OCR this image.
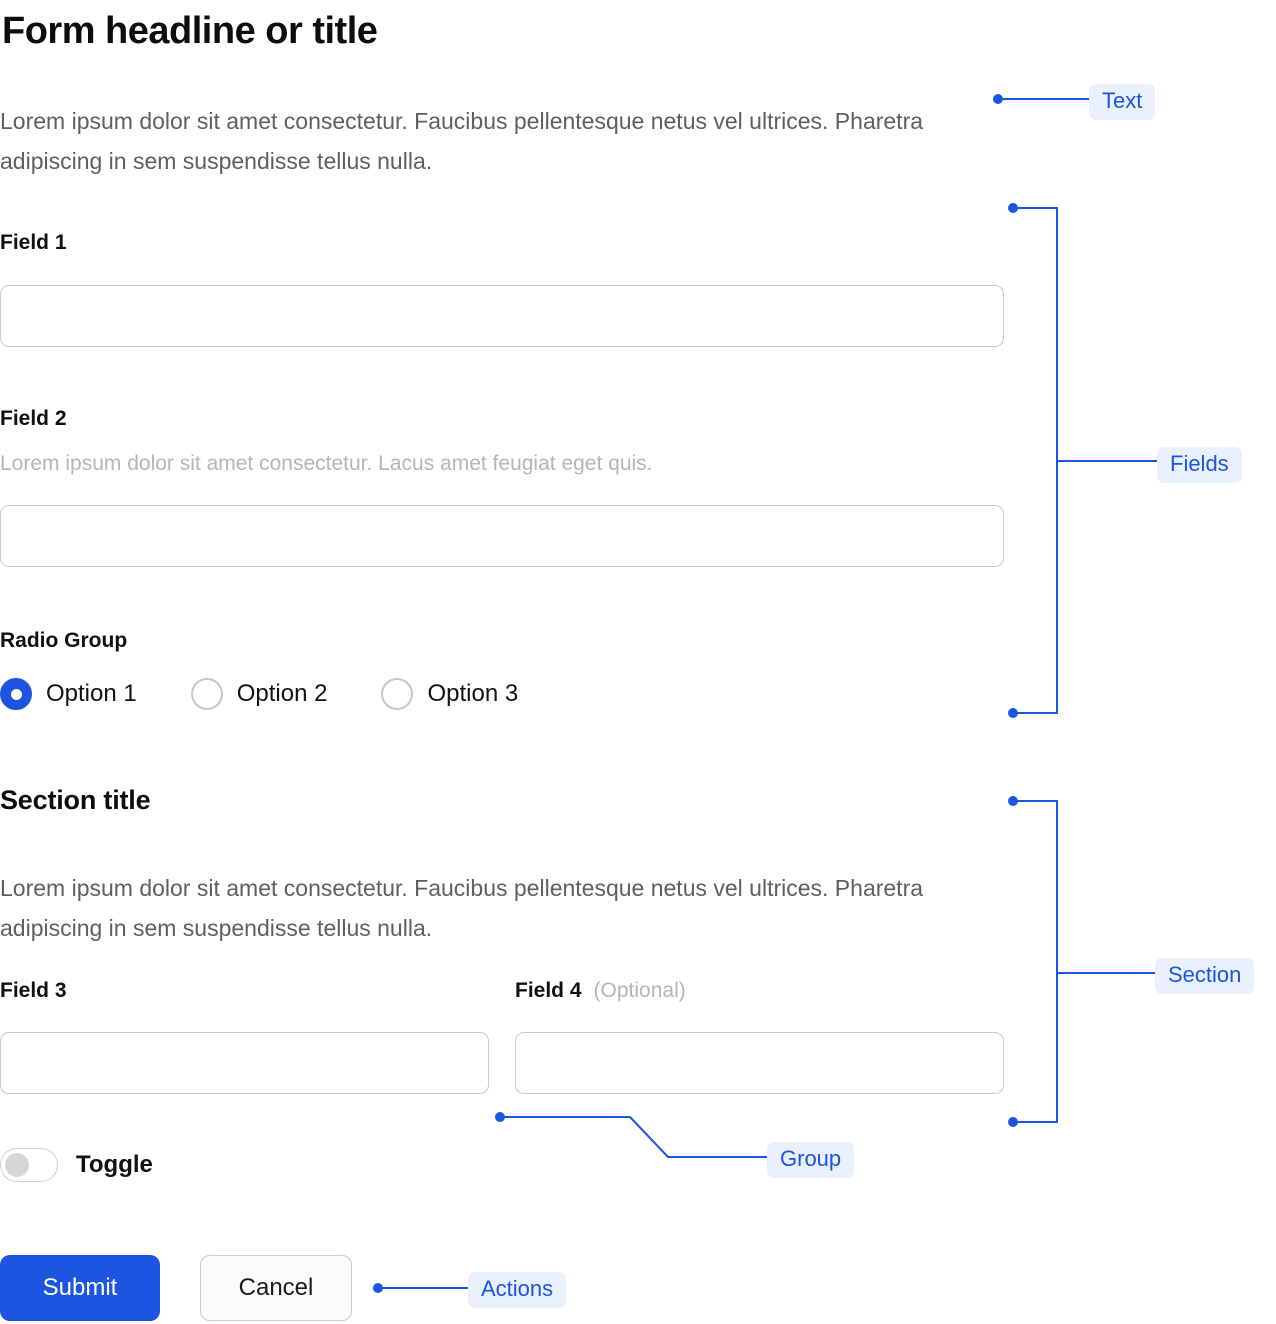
Form headline or title

Lorem ipsum dolor sit amet consectetur. Faucibus pellentesque netus vel ultrices. Pharetra adipiscing in sem suspendisse tellus nulla.

Field 1
Field 2
Lorem ipsum dolor sit amet consectetur. Lacus amet feugiat eget quis.
Radio Group
Option 1	Option 2	Option 3
Section title

Lorem ipsum dolor sit amet consectetur. Faucibus pellentesque netus vel ultrices. Pharetra adipiscing in sem suspendisse tellus nulla.

Field 3	Field 4 (Optional)
Toggle
Submit	Cancel
Text
Fields
Section
Group
Actions
